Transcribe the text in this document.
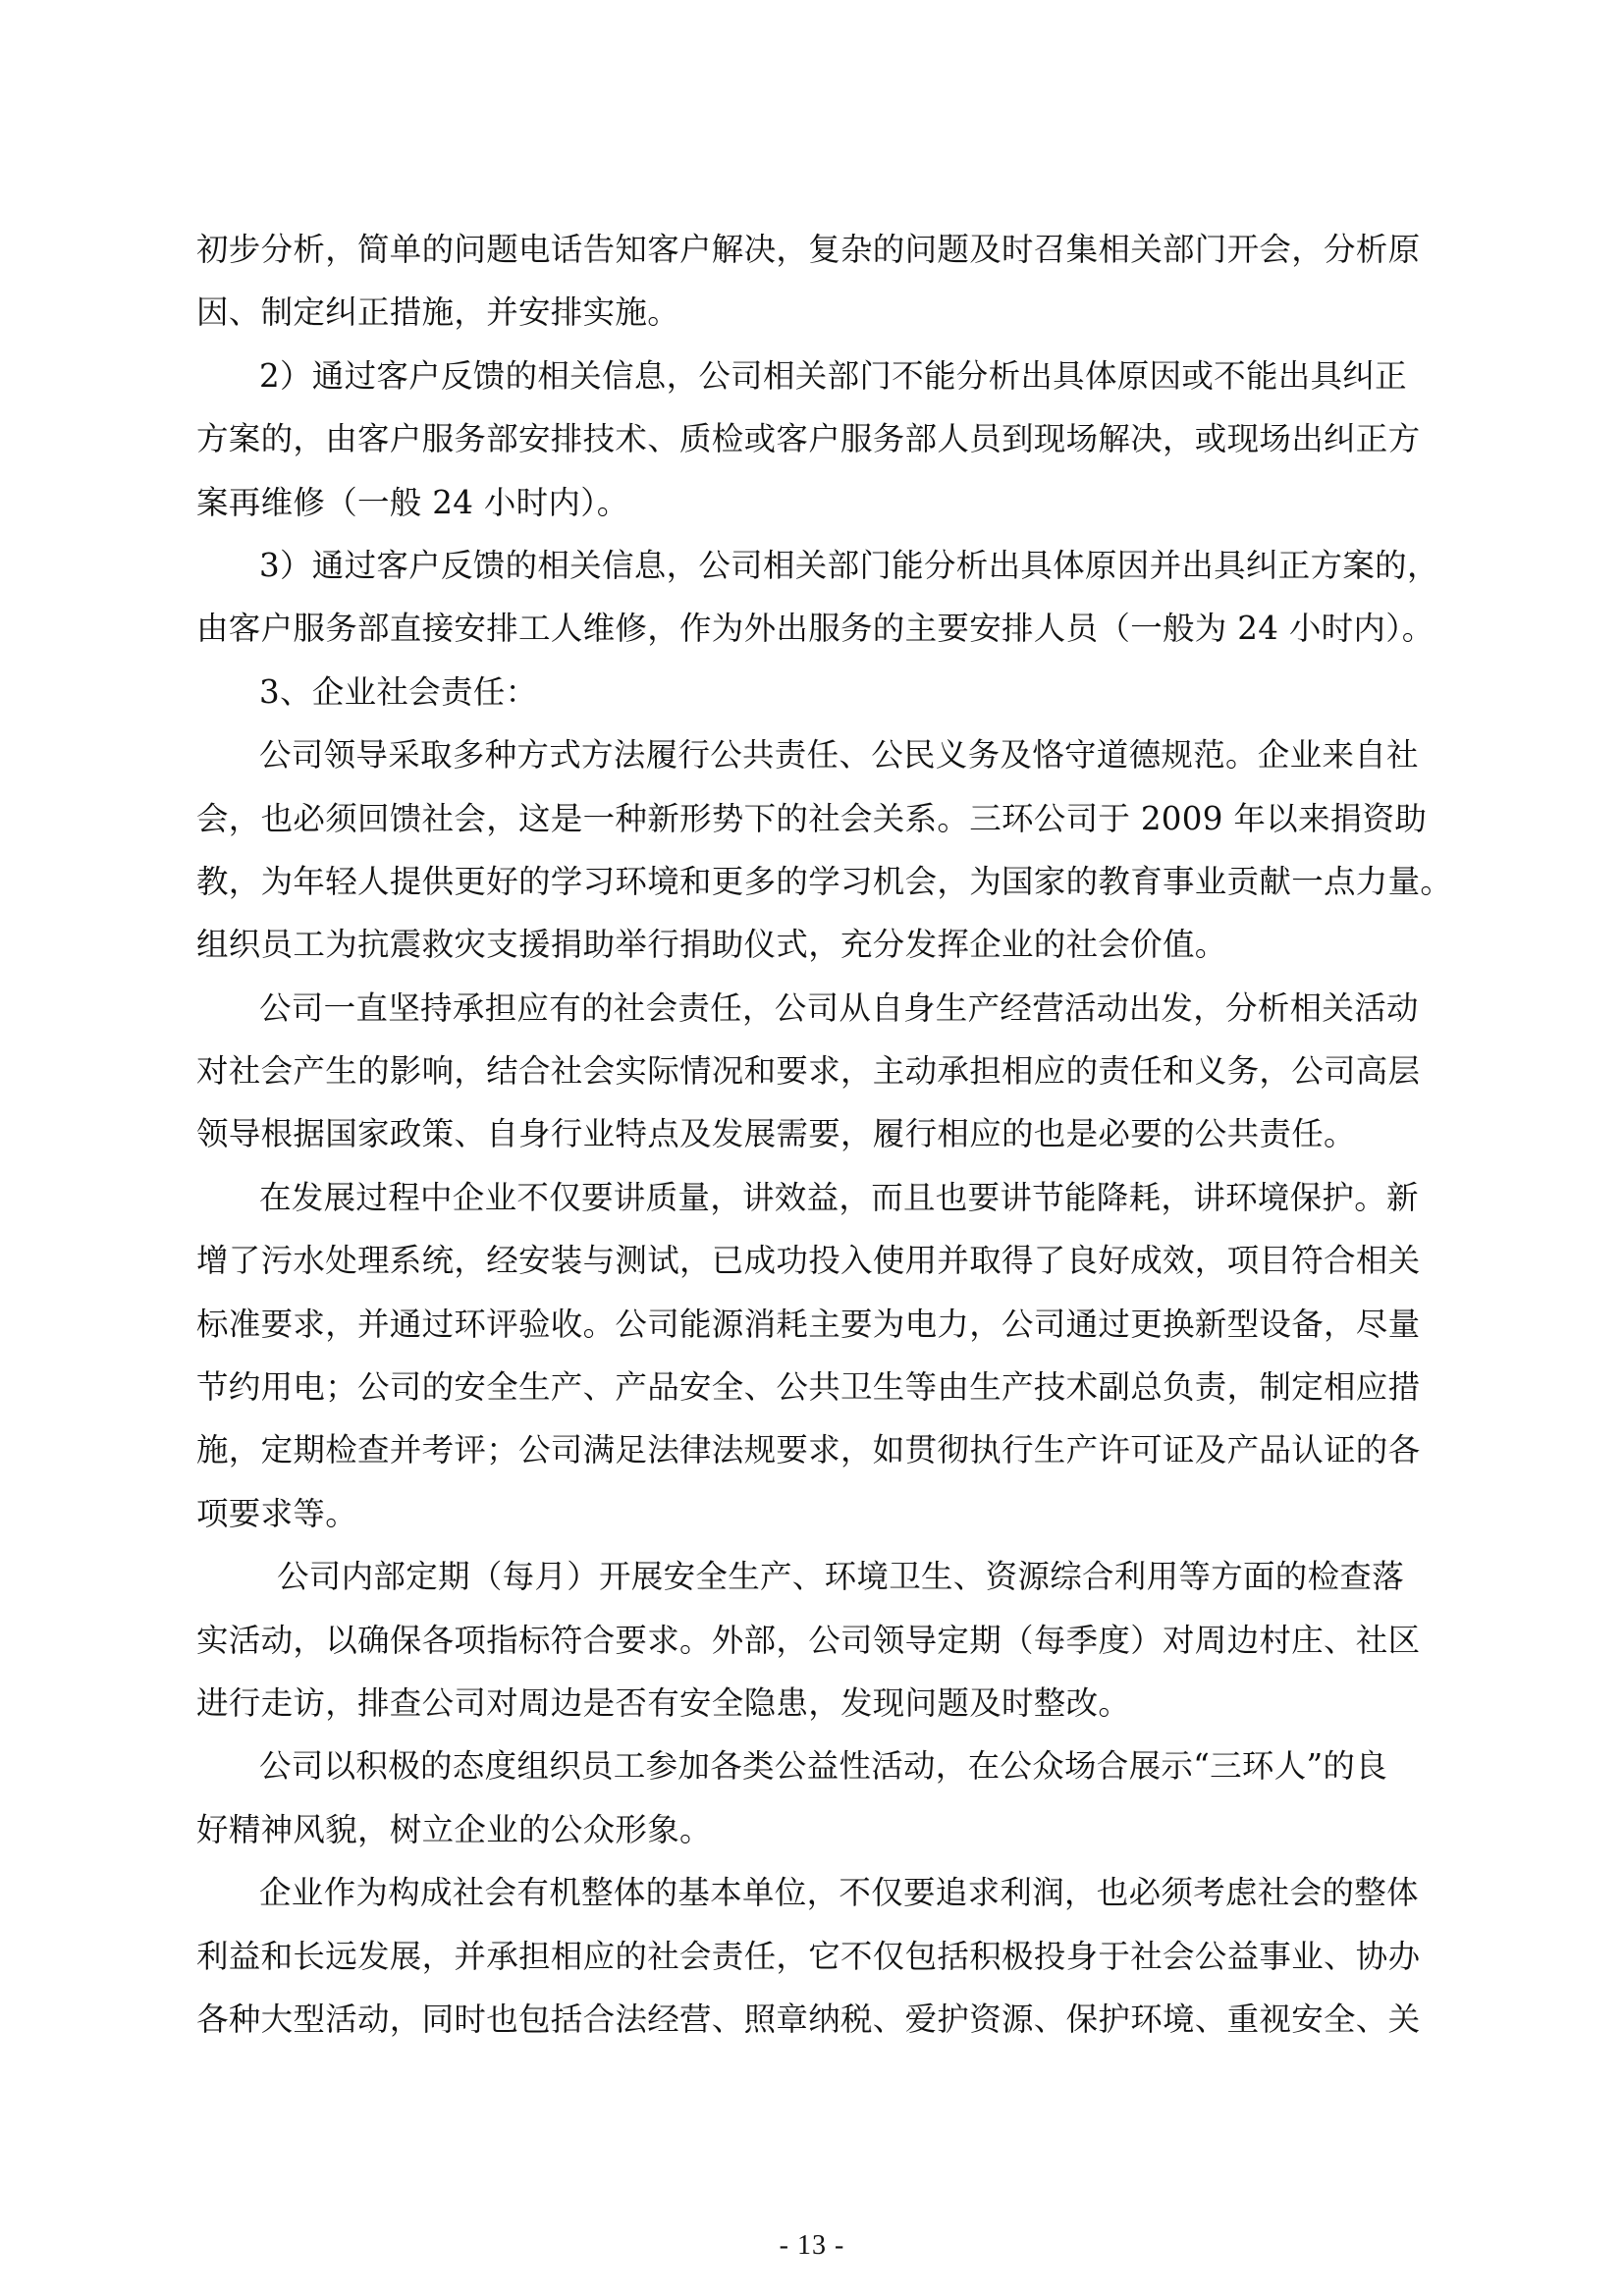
初步分析，简单的问题电话告知客户解决，复杂的问题及时召集相关部门开会，分析原
因、制定纠正措施，并安排实施。
2）通过客户反馈的相关信息，公司相关部门不能分析出具体原因或不能出具纠正
方案的，由客户服务部安排技术、质检或客户服务部人员到现场解决，或现场出纠正方
案再维修（一般 24 小时内）。
3）通过客户反馈的相关信息，公司相关部门能分析出具体原因并出具纠正方案的，
由客户服务部直接安排工人维修，作为外出服务的主要安排人员（一般为 24 小时内）。
3、企业社会责任：
公司领导采取多种方式方法履行公共责任、公民义务及恪守道德规范。企业来自社
会，也必须回馈社会，这是一种新形势下的社会关系。三环公司于 2009 年以来捐资助
教，为年轻人提供更好的学习环境和更多的学习机会，为国家的教育事业贡献一点力量。
组织员工为抗震救灾支援捐助举行捐助仪式，充分发挥企业的社会价值。
公司一直坚持承担应有的社会责任，公司从自身生产经营活动出发，分析相关活动
对社会产生的影响，结合社会实际情况和要求，主动承担相应的责任和义务，公司高层
领导根据国家政策、自身行业特点及发展需要，履行相应的也是必要的公共责任。
在发展过程中企业不仅要讲质量，讲效益，而且也要讲节能降耗，讲环境保护。新
增了污水处理系统，经安装与测试，已成功投入使用并取得了良好成效，项目符合相关
标准要求，并通过环评验收。公司能源消耗主要为电力，公司通过更换新型设备，尽量
节约用电；公司的安全生产、产品安全、公共卫生等由生产技术副总负责，制定相应措
施，定期检查并考评；公司满足法律法规要求，如贯彻执行生产许可证及产品认证的各
项要求等。
公司内部定期（每月）开展安全生产、环境卫生、资源综合利用等方面的检查落
实活动，以确保各项指标符合要求。外部，公司领导定期（每季度）对周边村庄、社区
进行走访，排查公司对周边是否有安全隐患，发现问题及时整改。
公司以积极的态度组织员工参加各类公益性活动，在公众场合展示“三环人”的良
好精神风貌，树立企业的公众形象。
企业作为构成社会有机整体的基本单位，不仅要追求利润，也必须考虑社会的整体
利益和长远发展，并承担相应的社会责任，它不仅包括积极投身于社会公益事业、协办
各种大型活动，同时也包括合法经营、照章纳税、爱护资源、保护环境、重视安全、关
- 13 -
